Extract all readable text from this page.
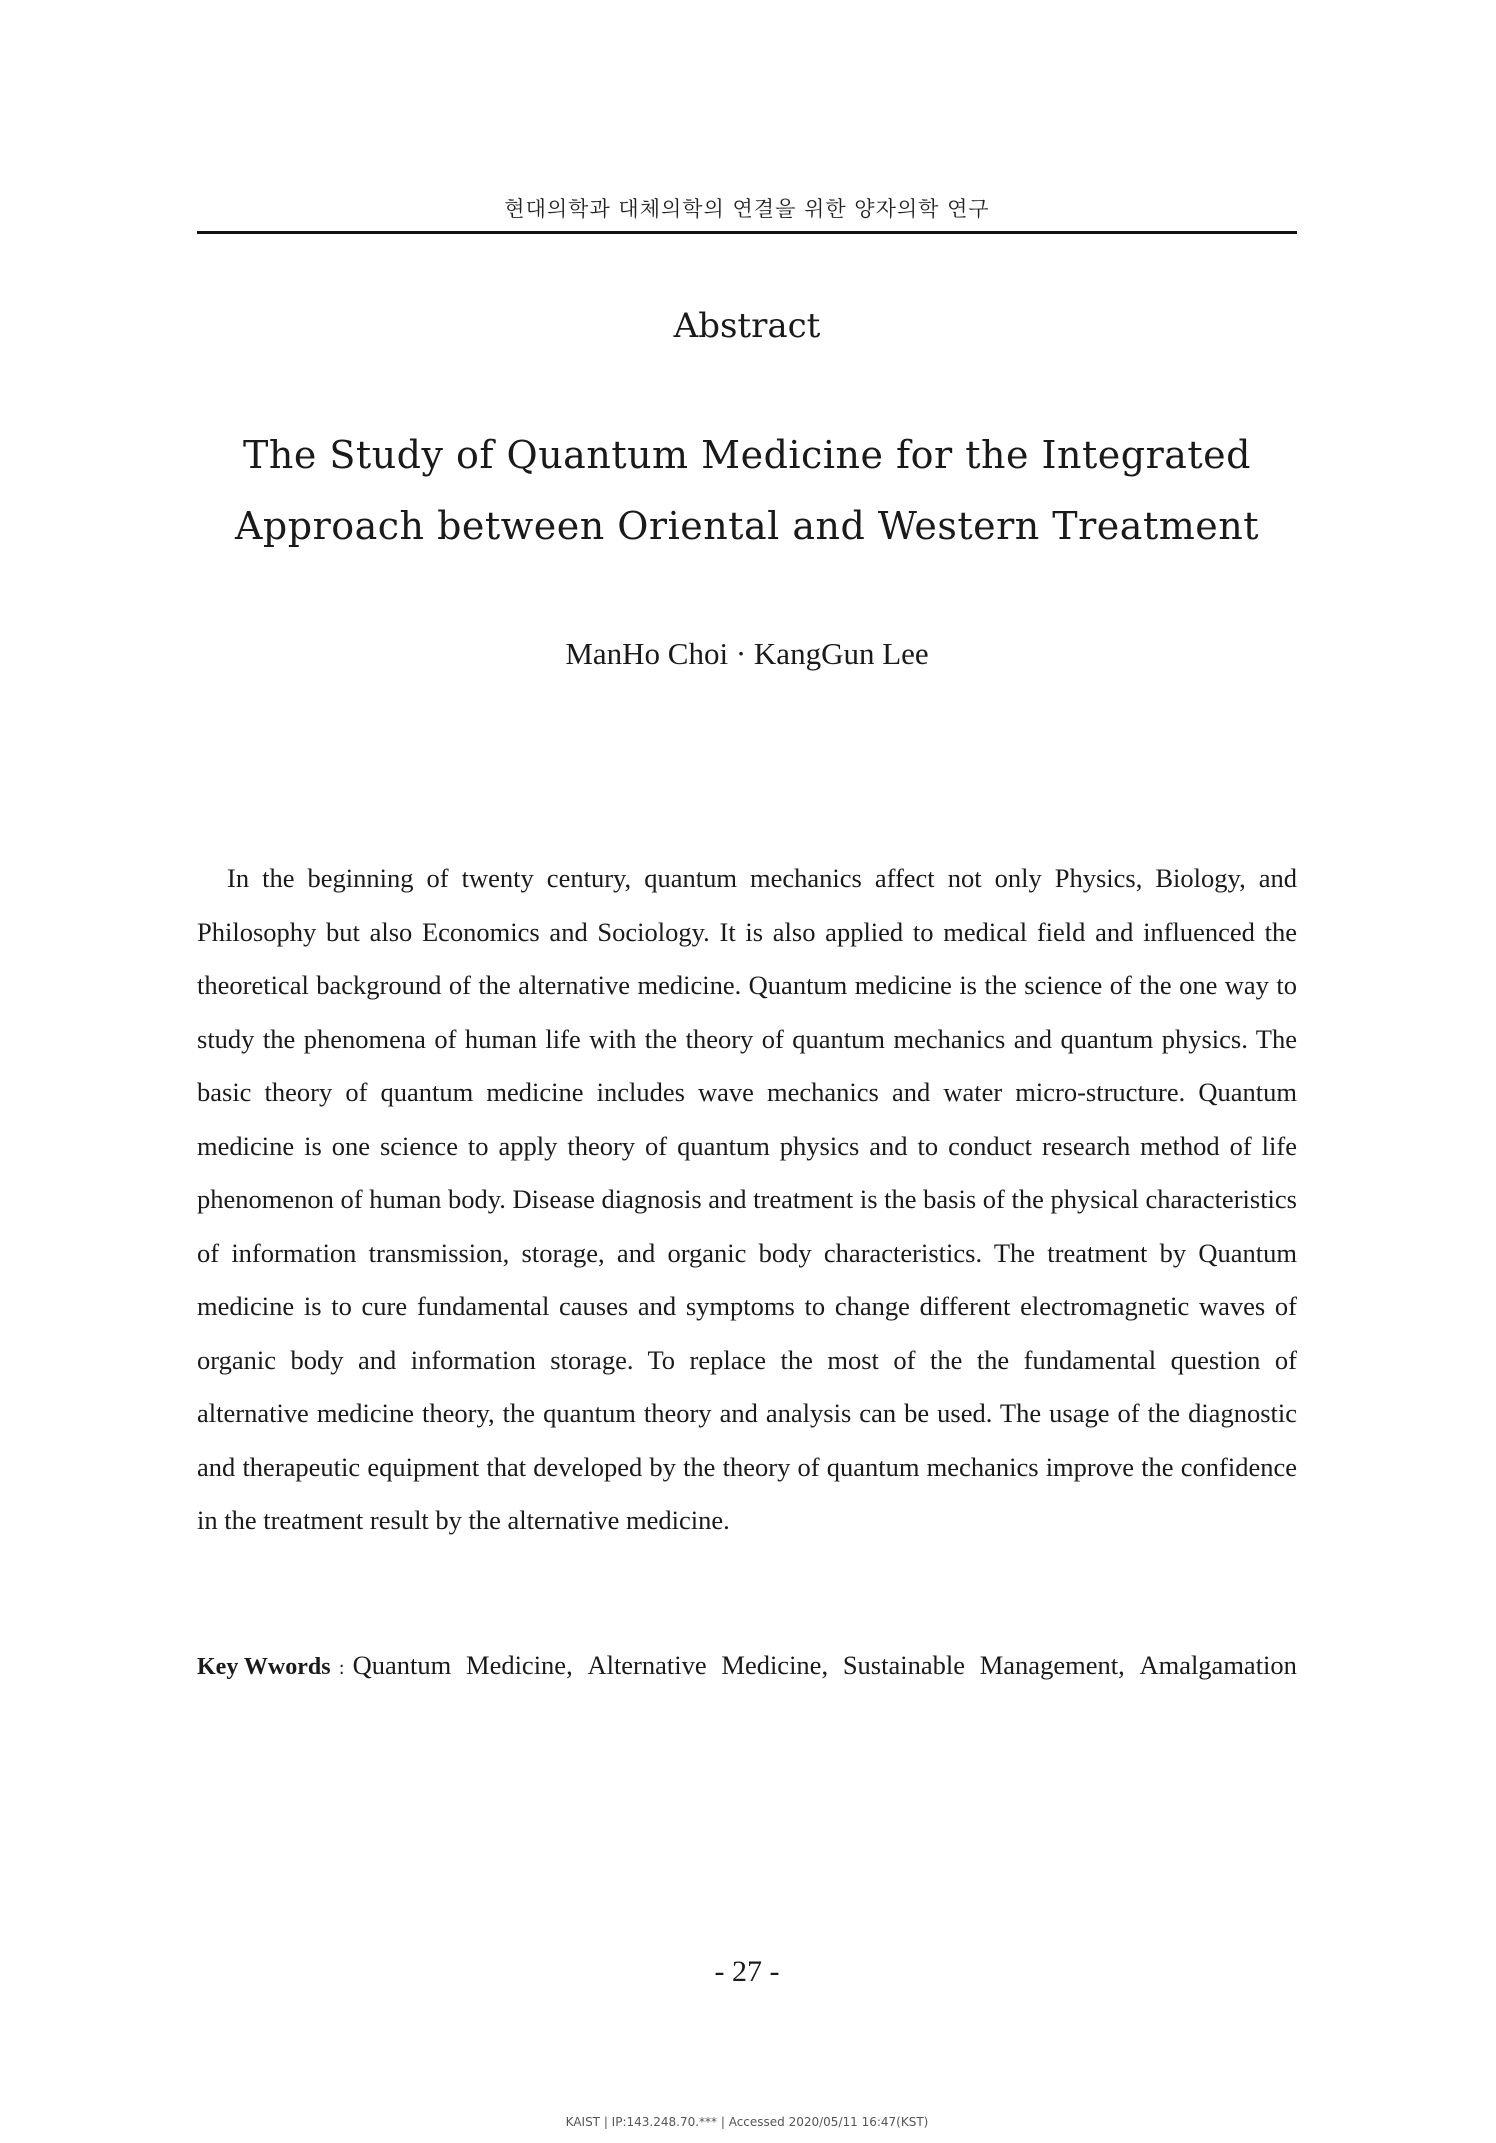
현대의학과 대체의학의 연결을 위한 양자의학 연구
Abstract
The Study of Quantum Medicine for the Integrated
Approach between Oriental and Western Treatment
ManHo Choi · KangGun Lee

In the beginning of twenty century, quantum mechanics affect not only Physics, Biology, and Philosophy but also Economics and Sociology. It is also applied to medical field and influenced the theoretical background of the alternative medicine. Quantum medicine is the science of the one way to study the phenomena of human life with the theory of quantum mechanics and quantum physics. The basic theory of quantum medicine includes wave mechanics and water micro-structure. Quantum medicine is one science to apply theory of quantum physics and to conduct research method of life phenomenon of human body. Disease diagnosis and treatment is the basis of the physical characteristics of information transmission, storage, and organic body characteristics. The treatment by Quantum medicine is to cure fundamental causes and symptoms to change different electromagnetic waves of organic body and information storage. To replace the most of the the fundamental question of alternative medicine theory, the quantum theory and analysis can be used. The usage of the diagnostic and therapeutic equipment that developed by the theory of quantum mechanics improve the confidence in the treatment result by the alternative medicine.

Key Wwords : Quantum Medicine, Alternative Medicine, Sustainable Management, Amalgamation
- 27 -
KAIST | IP:143.248.70.*** | Accessed 2020/05/11 16:47(KST)
